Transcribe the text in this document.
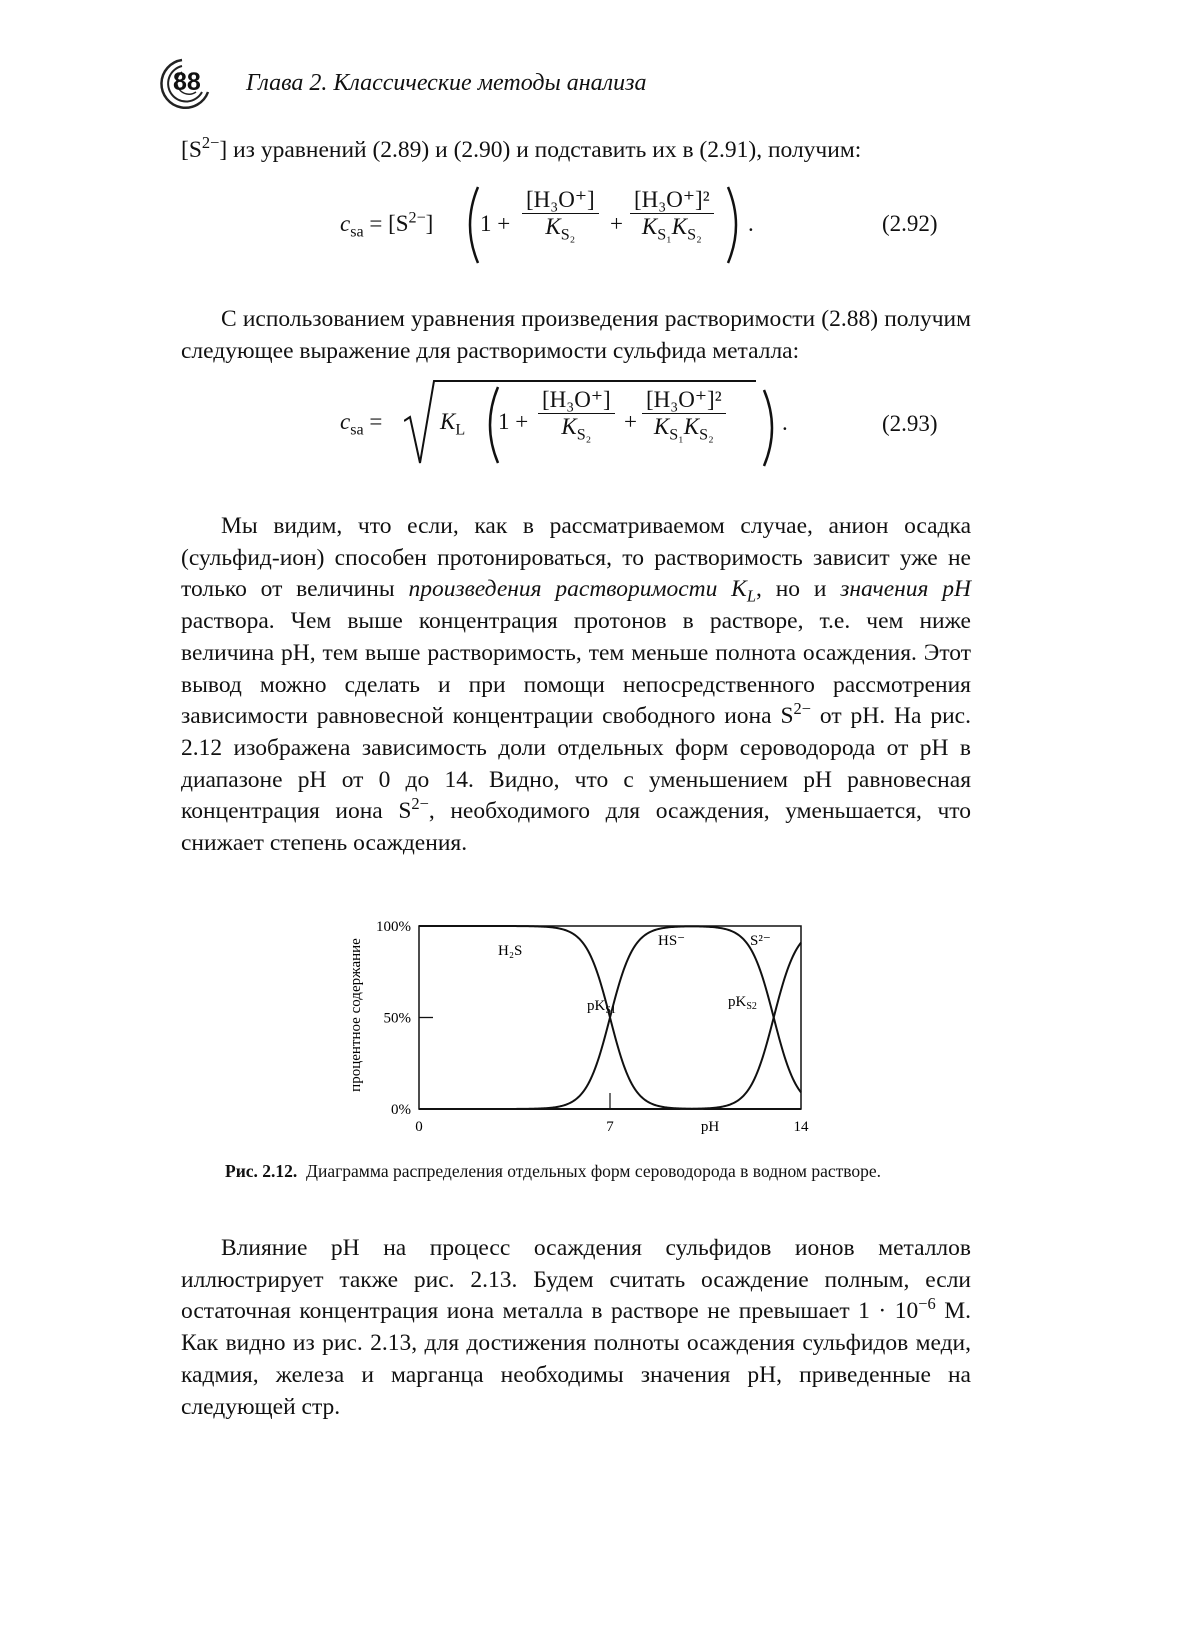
88 Глава 2. Классические методы анализа
$[S^{2-}]$ из уравнений (2.89) и (2.90) и подставить их в (2.91), получим:
$c_{sa} = [S^{2-}] 1 + \frac{\text{[H₃O⁺]}}{K_{S_2}} + \frac{\text{[H₃O⁺]²}}{K_{S_1}K_{S_2}}$ .	(2.92)
С использованием уравнения произведения растворимости (2.88) получим следующее выражение для растворимости сульфида металла:
$c_{sa}$ =	$K_L$ $1 + \frac{\text{[H₃O⁺]}}{K_{S_2}} + \frac{\text{[H₃O⁺]²}}{K_{S_1}K_{S_2}}$ .	(2.93)
Мы видим, что если, как в рассматриваемом случае, анион осадка (сульфид-ион) способен протонироваться, то растворимость зависит уже не только от величины произведения растворимости $K_L$, но и значения pH раствора. Чем выше концентрация протонов в растворе, т.е. чем ниже величина pH, тем выше растворимость, тем меньше полнота осаждения. Этот вывод можно сделать и при помощи непосредственного рассмотрения зависимости равновесной концентрации свободного иона $S^{2-}$ от pH. На рис. 2.12 изображена зависимость доли отдельных форм сероводорода от pH в диапазоне pH от 0 до 14. Видно, что с уменьшением pH равновесная концентрация иона $S^{2-}$, необходимого для осаждения, уменьшается, что снижает степень осаждения.
процентное содержание
0%
50%
100%
0	7	14
pH
H₂S
HS⁻	S²⁻
$pK_{S1}$
$pK_{S2}$
Рис. 2.12. Диаграмма распределения отдельных форм сероводорода в водном растворе.
Влияние pH на процесс осаждения сульфидов ионов металлов иллюстрирует также рис. 2.13. Будем считать осаждение полным, если остаточная концентрация иона металла в растворе не превышает $1 \cdot 10^{-6}$ М. Как видно из рис. 2.13, для достижения полноты осаждения сульфидов меди, кадмия, железа и марганца необходимы значения pH, приведенные на следующей стр.
